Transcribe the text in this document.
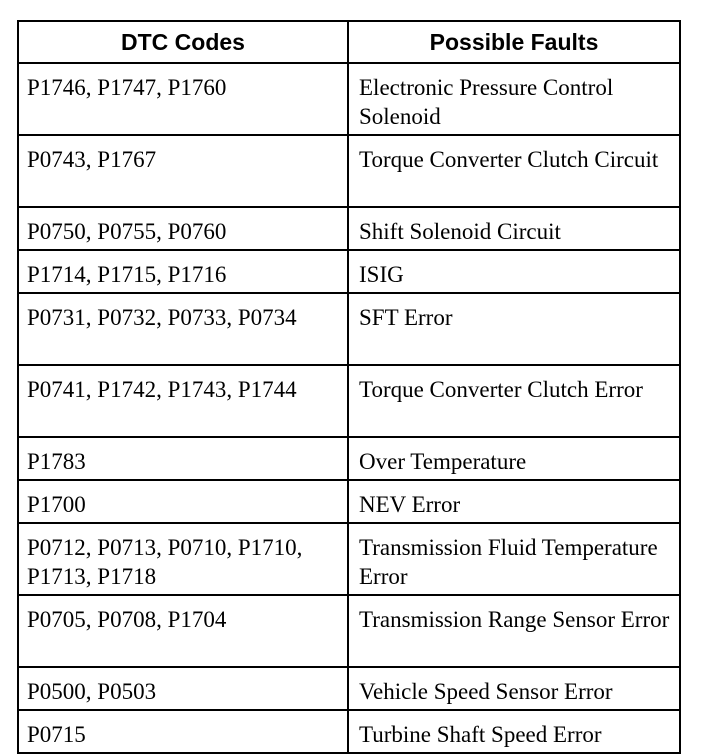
DTC Codes	Possible Faults

P1746, P1747, P1760	Electronic Pressure Control Solenoid

P0743, P1767	Torque Converter Clutch Circuit

P0750, P0755, P0760	Shift Solenoid Circuit

P1714, P1715, P1716	ISIG

P0731, P0732, P0733, P0734	SFT Error

P0741, P1742, P1743, P1744	Torque Converter Clutch Error

P1783	Over Temperature

P1700	NEV Error

P0712, P0713, P0710, P1710, P1713, P1718	Transmission Fluid Temperature Error

P0705, P0708, P1704	Transmission Range Sensor Error

P0500, P0503	Vehicle Speed Sensor Error

P0715	Turbine Shaft Speed Error
